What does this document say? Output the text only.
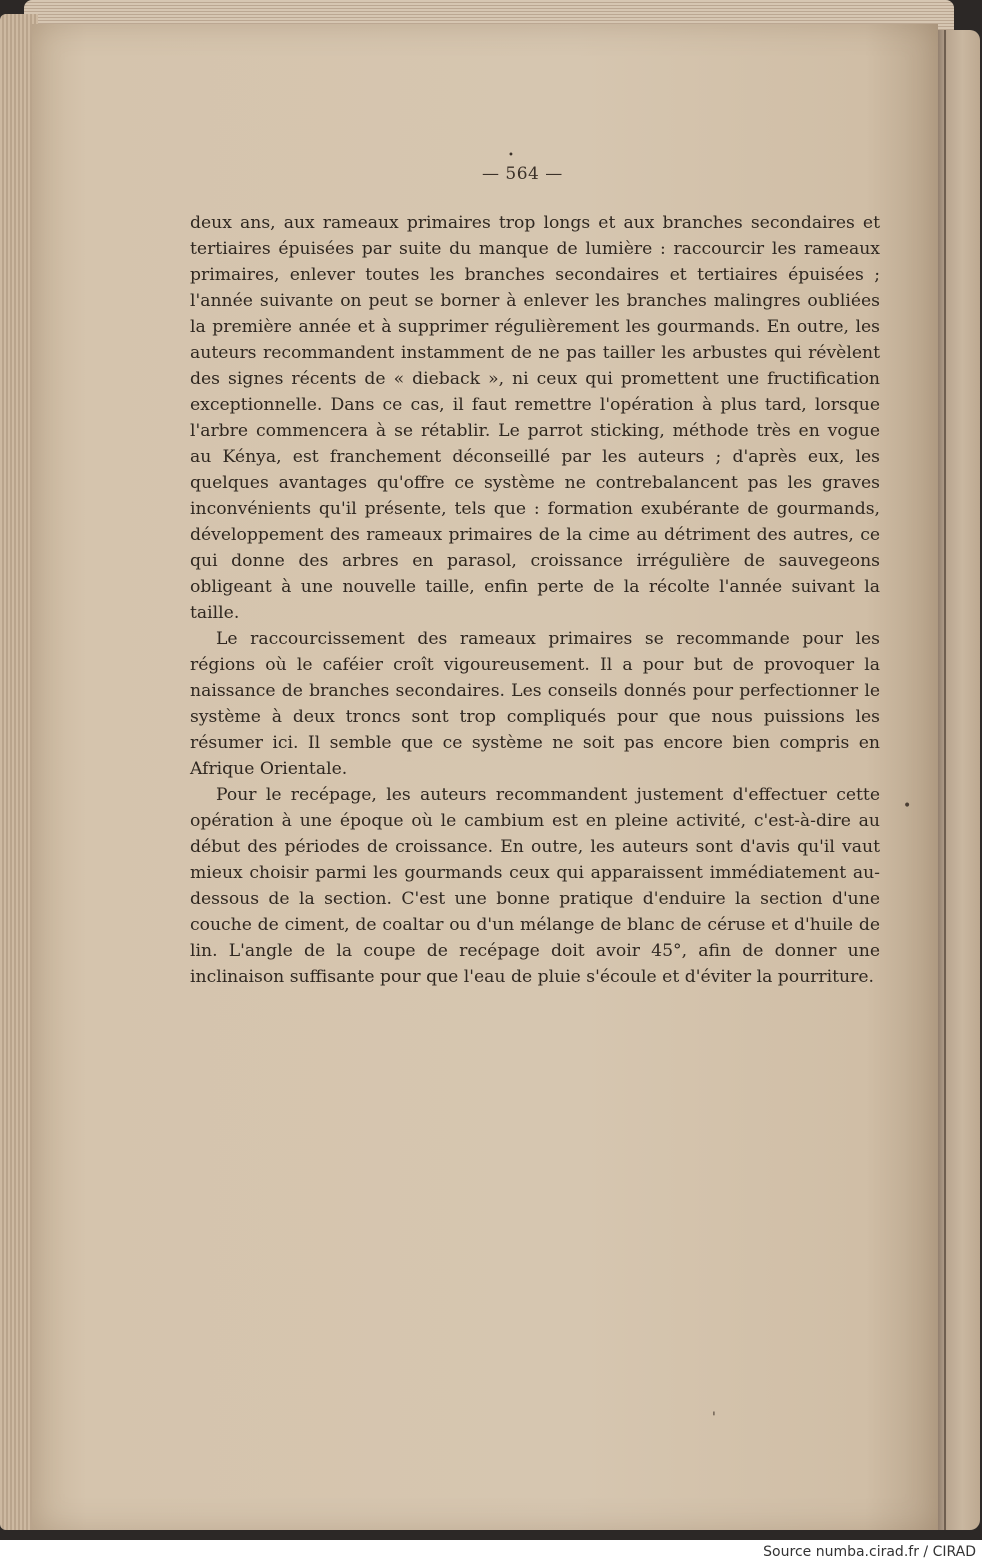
•
— 564 —

deux ans, aux rameaux primaires trop longs et aux branches secondaires et tertiaires épuisées par suite du manque de lumière : raccourcir les rameaux primaires, enlever toutes les branches secondaires et tertiaires épuisées ; l'année suivante on peut se borner à enlever les branches malingres oubliées la première année et à supprimer régulièrement les gourmands. En outre, les auteurs recommandent instamment de ne pas tailler les arbustes qui révèlent des signes récents de « dieback », ni ceux qui promettent une fructification exceptionnelle. Dans ce cas, il faut remettre l'opération à plus tard, lorsque l'arbre commencera à se rétablir. Le parrot sticking, méthode très en vogue au Kénya, est franchement déconseillé par les auteurs ; d'après eux, les quelques avantages qu'offre ce système ne contrebalancent pas les graves inconvénients qu'il présente, tels que : formation exubérante de gourmands, développement des rameaux primaires de la cime au détriment des autres, ce qui donne des arbres en parasol, croissance irrégulière de sauvegeons obligeant à une nouvelle taille, enfin perte de la récolte l'année suivant la taille.

Le raccourcissement des rameaux primaires se recommande pour les régions où le caféier croît vigoureusement. Il a pour but de provoquer la naissance de branches secondaires. Les conseils donnés pour perfectionner le système à deux troncs sont trop compliqués pour que nous puissions les résumer ici. Il semble que ce système ne soit pas encore bien compris en Afrique Orientale.

Pour le recépage, les auteurs recommandent justement d'effectuer cette opération à une époque où le cambium est en pleine activité, c'est-à-dire au début des périodes de croissance. En outre, les auteurs sont d'avis qu'il vaut mieux choisir parmi les gourmands ceux qui apparaissent immédiatement au-dessous de la section. C'est une bonne pratique d'enduire la section d'une couche de ciment, de coaltar ou d'un mélange de blanc de céruse et d'huile de lin. L'angle de la coupe de recépage doit avoir 45°, afin de donner une inclinaison suffisante pour que l'eau de pluie s'écoule et d'éviter la pourriture.

•
'
Source numba.cirad.fr / CIRAD
